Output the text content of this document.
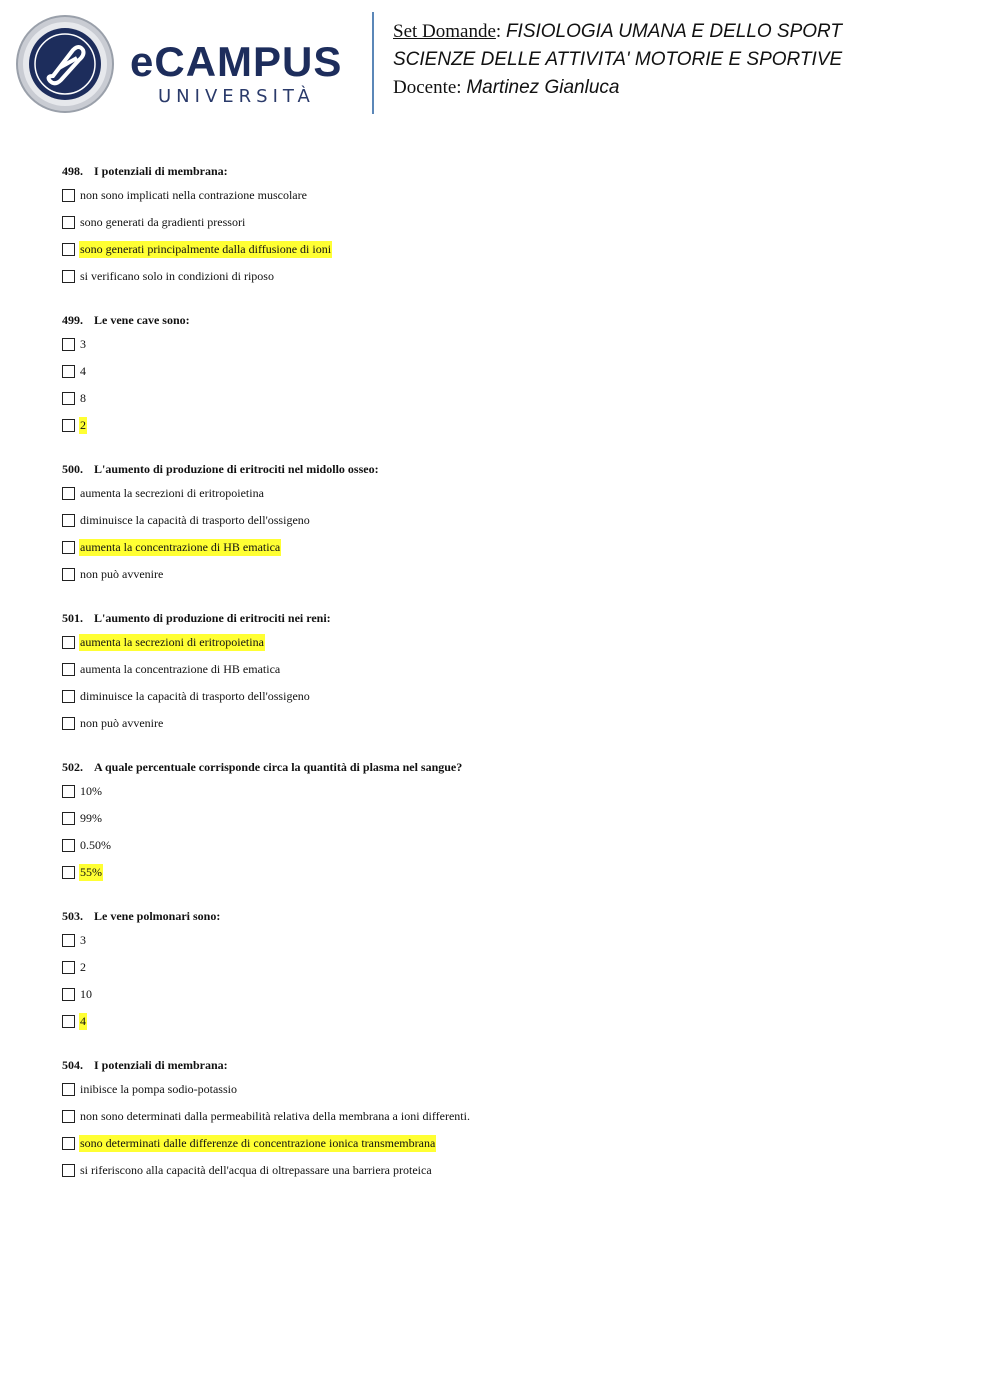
eCAMPUS
UNIVERSITÀ
Set Domande: FISIOLOGIA UMANA E DELLO SPORT
SCIENZE DELLE ATTIVITA' MOTORIE E SPORTIVE
Docente: Martinez Gianluca
498. I potenziali di membrana:
non sono implicati nella contrazione muscolare
sono generati da gradienti pressori
sono generati principalmente dalla diffusione di ioni
si verificano solo in condizioni di riposo
499. Le vene cave sono:
3
4
8
2
500. L'aumento di produzione di eritrociti nel midollo osseo:
aumenta la secrezioni di eritropoietina
diminuisce la capacità di trasporto dell'ossigeno
aumenta la concentrazione di HB ematica
non può avvenire
501. L'aumento di produzione di eritrociti nei reni:
aumenta la secrezioni di eritropoietina
aumenta la concentrazione di HB ematica
diminuisce la capacità di trasporto dell'ossigeno
non può avvenire
502. A quale percentuale corrisponde circa la quantità di plasma nel sangue?
10%
99%
0.50%
55%
503. Le vene polmonari sono:
3
2
10
4
504. I potenziali di membrana:
inibisce la pompa sodio-potassio
non sono determinati dalla permeabilità relativa della membrana a ioni differenti.
sono determinati dalle differenze di concentrazione ionica transmembrana
si riferiscono alla capacità dell'acqua di oltrepassare una barriera proteica
